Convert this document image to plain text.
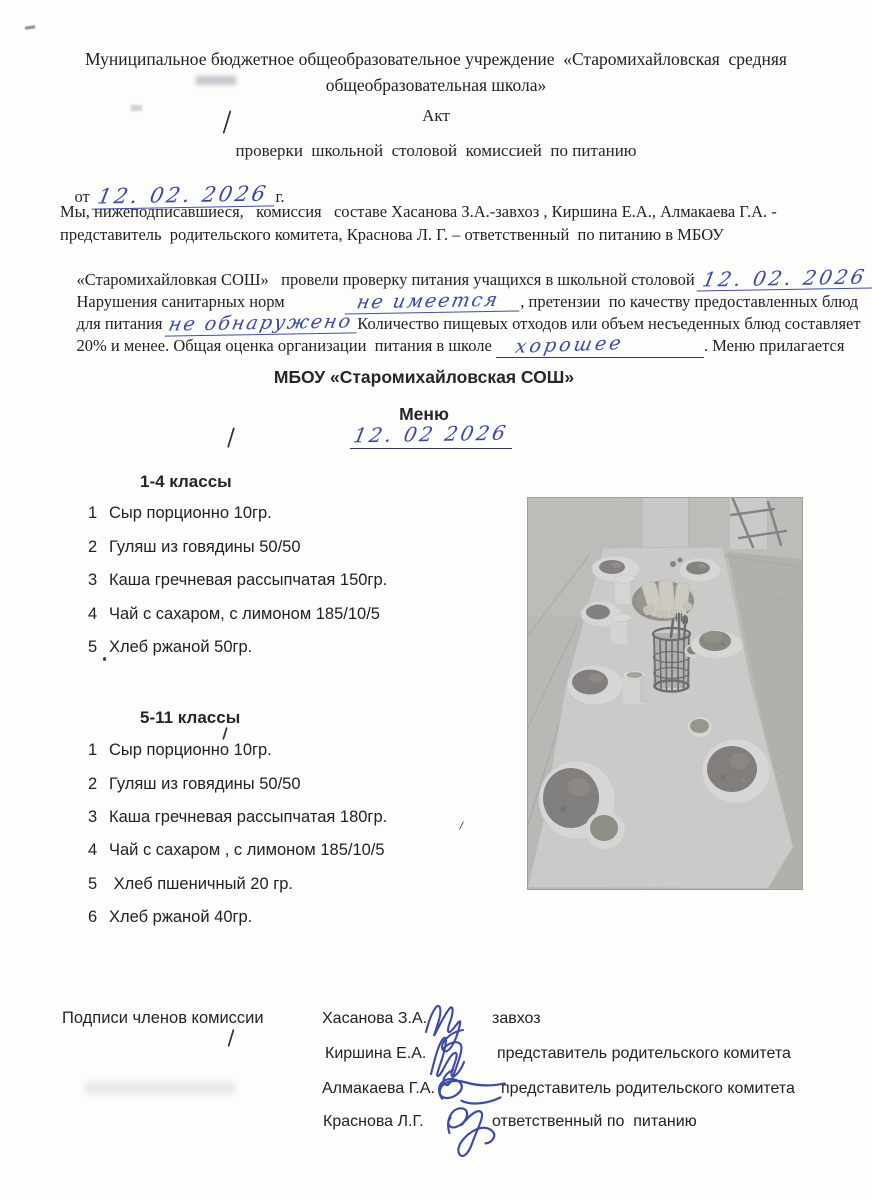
Муниципальное бюджетное общеобразовательное учреждение  «Старомихайловская  средняя
общеобразовательная школа»
Акт
проверки  школьной  столовой  комиссией  по питанию

от 12. 02. 2026 г.

Мы, нижеподписавшиеся,   комиссия   составе Хасанова З.А.-завхоз , Киршина Е.А., Алмакаева Г.А. -
представитель  родительского комитета, Краснова Л. Г. – ответственный  по питанию в МБОУ

«Старомихайловкая СОШ»   провели проверку питания учащихся в школьной столовой 12. 02. 2026

Нарушения санитарных норм	не имеется , претензии  по качеству предоставленных блюд

для питания не обнаружено Количество пищевых отходов или объем несъеденных блюд составляет

20% и менее. Общая оценка организации  питания в школе хорошее	. Меню прилагается

МБОУ «Старомихайловская СОШ»
Меню
12. 02 2026
1-4 классы
1 Сыр порционно 10гр.
2 Гуляш из говядины 50/50
3 Каша гречневая рассыпчатая 150гр.
4 Чай с сахаром, с лимоном 185/10/5
5 Хлеб ржаной 50гр.
5-11 классы
1 Сыр порционно 10гр.
2 Гуляш из говядины 50/50
3 Каша гречневая рассыпчатая 180гр.
4 Чай с сахаром , с лимоном 185/10/5
5 Хлеб пшеничный 20 гр.
6 Хлеб ржаной 40гр.
Подписи членов комиссии	Хасанова З.А.	завхоз
Киршина Е.А.	представитель родительского комитета
Алмакаева Г.А.	представитель родительского комитета
Краснова Л.Г.	ответственный по  питанию
